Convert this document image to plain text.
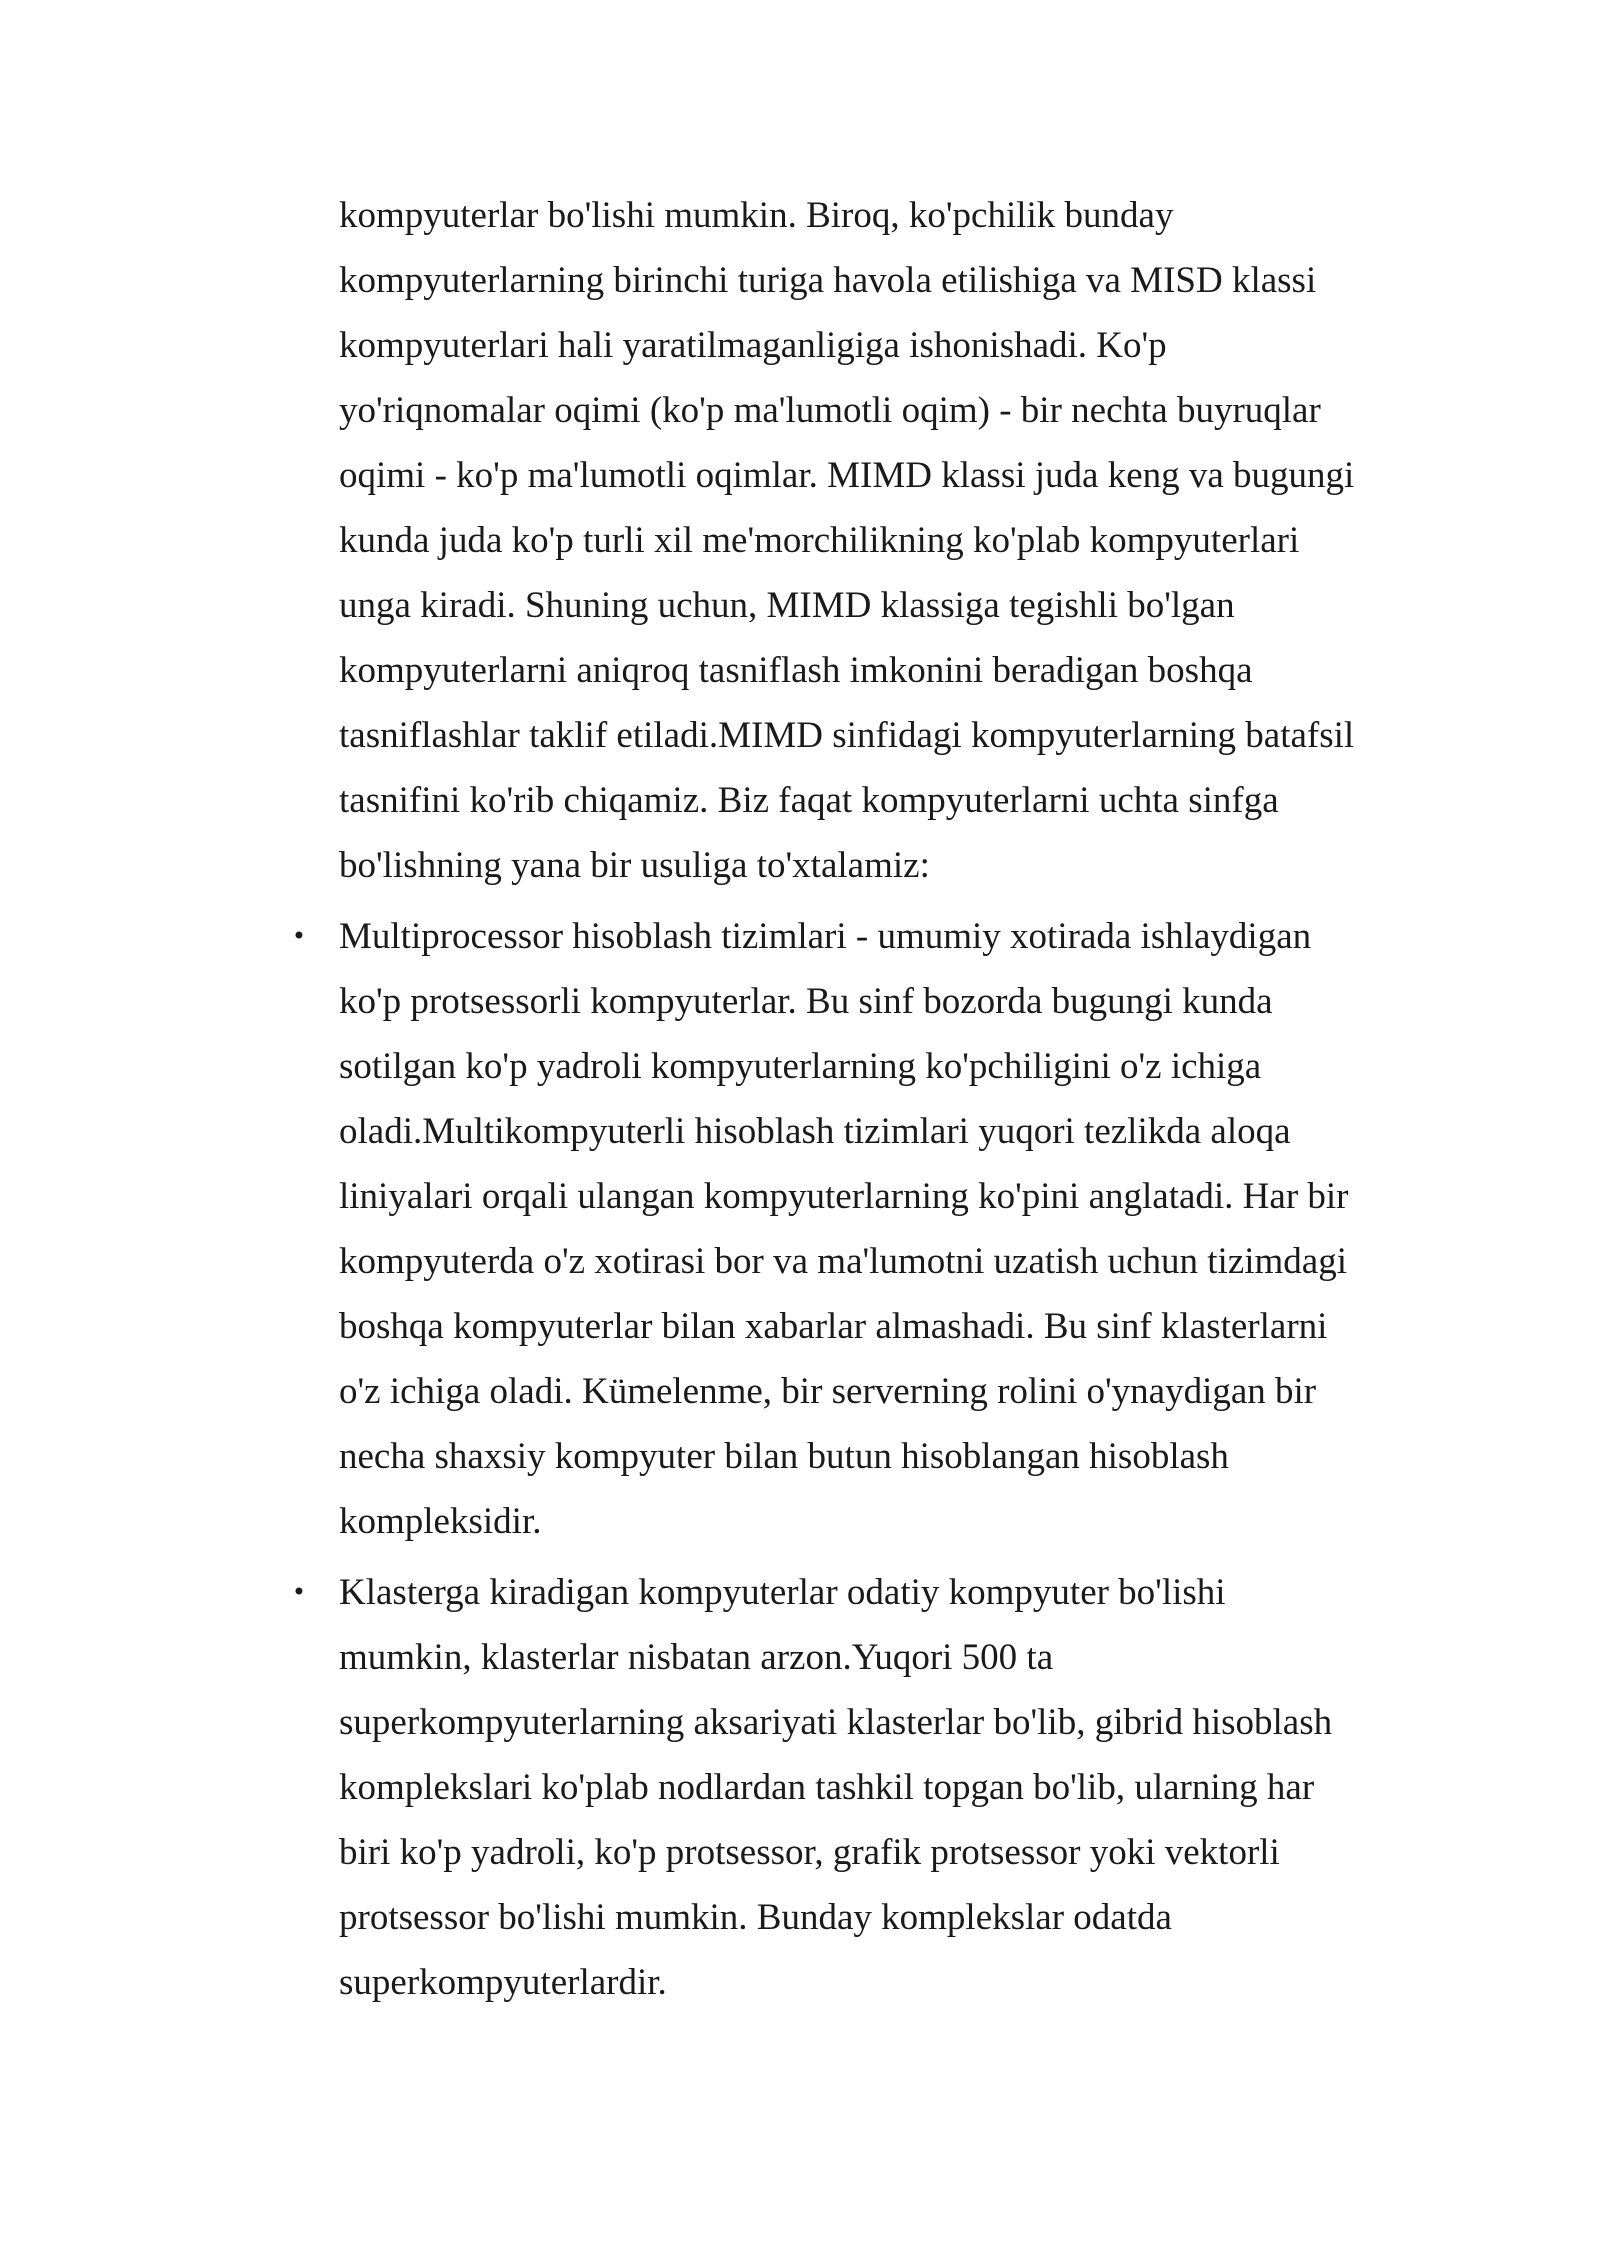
kompyuterlar bo'lishi mumkin. Biroq, ko'pchilik bunday kompyuterlarning birinchi turiga havola etilishiga va MISD klassi kompyuterlari hali yaratilmaganligiga ishonishadi. Ko'p yo'riqnomalar oqimi (ko'p ma'lumotli oqim) - bir nechta buyruqlar oqimi - ko'p ma'lumotli oqimlar. MIMD klassi juda keng va bugungi kunda juda ko'p turli xil me'morchilikning ko'plab kompyuterlari unga kiradi. Shuning uchun, MIMD klassiga tegishli bo'lgan kompyuterlarni aniqroq tasniflash imkonini beradigan boshqa tasniflashlar taklif etiladi.MIMD sinfidagi kompyuterlarning batafsil tasnifini ko'rib chiqamiz. Biz faqat kompyuterlarni uchta sinfga bo'lishning yana bir usuliga to'xtalamiz:

• Multiprocessor hisoblash tizimlari - umumiy xotirada ishlaydigan ko'p protsessorli kompyuterlar. Bu sinf bozorda bugungi kunda sotilgan ko'p yadroli kompyuterlarning ko'pchiligini o'z ichiga oladi.Multikompyuterli hisoblash tizimlari yuqori tezlikda aloqa liniyalari orqali ulangan kompyuterlarning ko'pini anglatadi. Har bir kompyuterda o'z xotirasi bor va ma'lumotni uzatish uchun tizimdagi boshqa kompyuterlar bilan xabarlar almashadi. Bu sinf klasterlarni o'z ichiga oladi. Kümelenme, bir serverning rolini o'ynaydigan bir necha shaxsiy kompyuter bilan butun hisoblangan hisoblash kompleksidir.
• Klasterga kiradigan kompyuterlar odatiy kompyuter bo'lishi mumkin, klasterlar nisbatan arzon.Yuqori 500 ta superkompyuterlarning aksariyati klasterlar bo'lib, gibrid hisoblash komplekslari ko'plab nodlardan tashkil topgan bo'lib, ularning har biri ko'p yadroli, ko'p protsessor, grafik protsessor yoki vektorli protsessor bo'lishi mumkin. Bunday komplekslar odatda superkompyuterlardir.
